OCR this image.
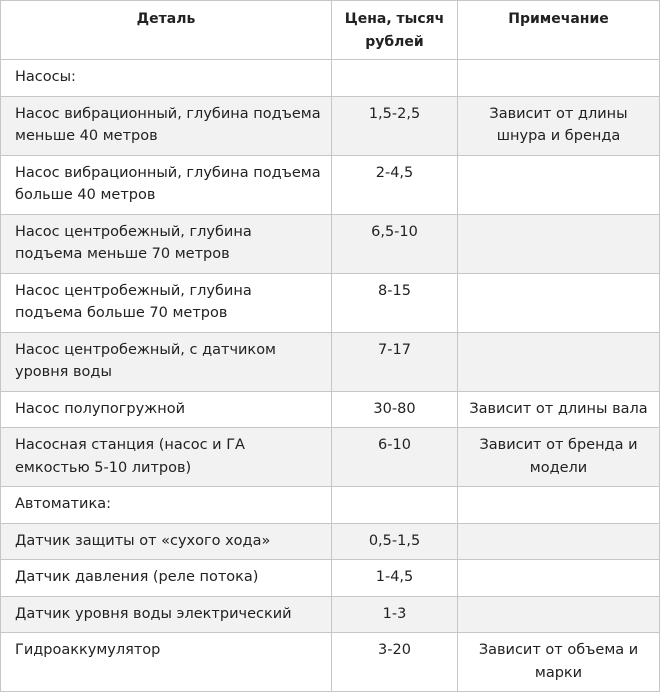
Деталь	Цена, тысяч рублей	Примечание
Насосы:		
Насос вибрационный, глубина подъема меньше 40 метров	1,5-2,5	Зависит от длины шнура и бренда
Насос вибрационный, глубина подъема больше 40 метров	2-4,5	
Насос центробежный, глубина подъема меньше 70 метров	6,5-10	
Насос центробежный, глубина подъема больше 70 метров	8-15	
Насос центробежный, с датчиком уровня воды	7-17	
Насос полупогружной	30-80	Зависит от длины вала
Насосная станция (насос и ГА емкостью 5-10 литров)	6-10	Зависит от бренда и модели
Автоматика:		
Датчик защиты от «сухого хода»	0,5-1,5	
Датчик давления (реле потока)	1-4,5	
Датчик уровня воды электрический	1-3	
Гидроаккумулятор	3-20	Зависит от объема и марки
